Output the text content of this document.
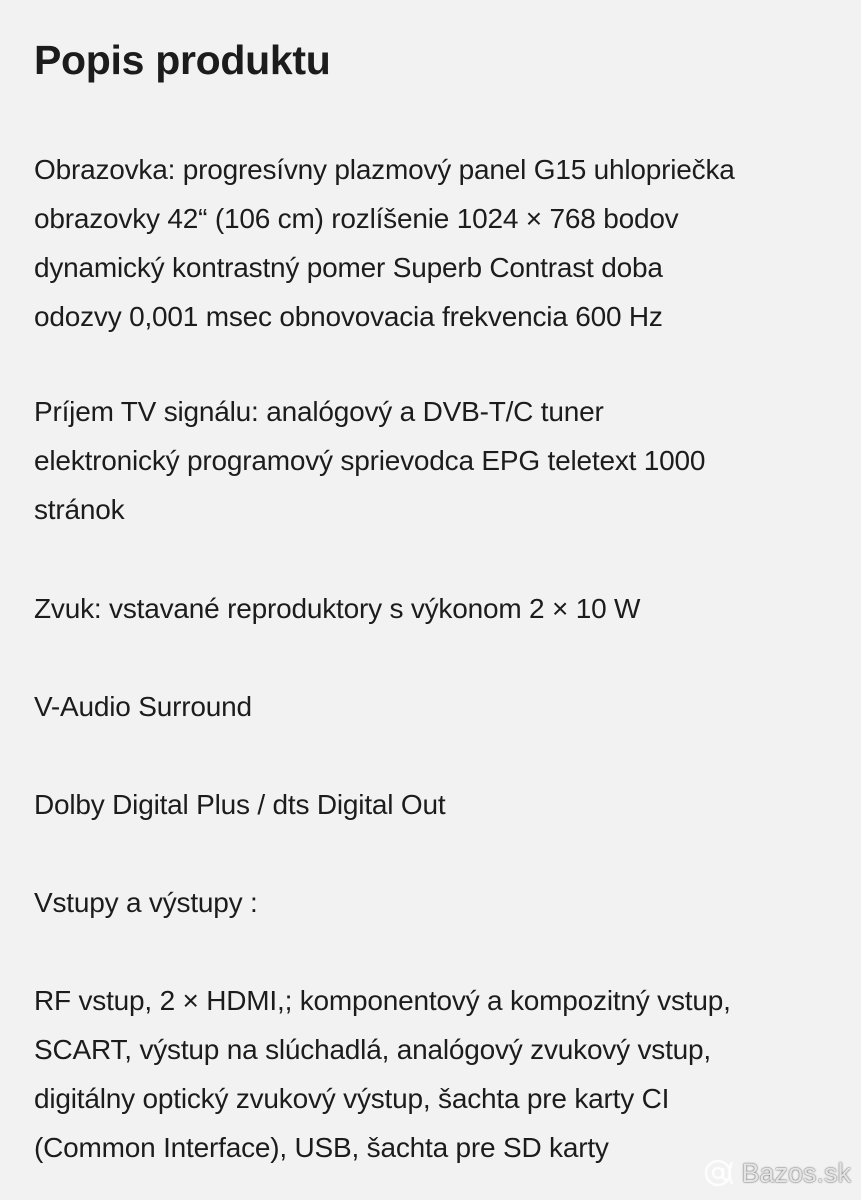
Popis produktu

Obrazovka: progresívny plazmový panel G15 uhlopriečka
obrazovky 42“ (106 cm) rozlíšenie 1024 × 768 bodov
dynamický kontrastný pomer Superb Contrast doba
odozvy 0,001 msec obnovovacia frekvencia 600 Hz

Príjem TV signálu: analógový a DVB-T/C tuner
elektronický programový sprievodca EPG teletext 1000
stránok

Zvuk: vstavané reproduktory s výkonom 2 × 10 W

V-Audio Surround

Dolby Digital Plus / dts Digital Out

Vstupy a výstupy :

RF vstup, 2 × HDMI,; komponentový a kompozitný vstup,
SCART, výstup na slúchadlá, analógový zvukový vstup,
digitálny optický zvukový výstup, šachta pre karty CI
(Common Interface), USB, šachta pre SD karty

Bazos.sk
